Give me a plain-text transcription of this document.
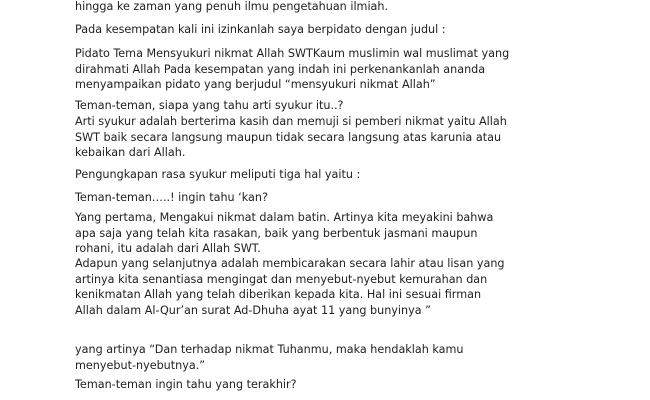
hingga ke zaman yang penuh ilmu pengetahuan ilmiah.

Pada kesempatan kali ini izinkanlah saya berpidato dengan judul :

Pidato Tema Mensyukuri nikmat Allah SWTKaum muslimin wal muslimat yang
dirahmati Allah Pada kesempatan yang indah ini perkenankanlah ananda
menyampaikan pidato yang berjudul “mensyukuri nikmat Allah”

Teman-teman, siapa yang tahu arti syukur itu..?

Arti syukur adalah berterima kasih dan memuji si pemberi nikmat yaitu Allah
SWT baik secara langsung maupun tidak secara langsung atas karunia atau
kebaikan dari Allah.

Pengungkapan rasa syukur meliputi tiga hal yaitu :

Teman-teman…..! ingin tahu ‘kan?

Yang pertama, Mengakui nikmat dalam batin. Artinya kita meyakini bahwa
apa saja yang telah kita rasakan, baik yang berbentuk jasmani maupun
rohani, itu adalah dari Allah SWT.

Adapun yang selanjutnya adalah membicarakan secara lahir atau lisan yang
artinya kita senantiasa mengingat dan menyebut-nyebut kemurahan dan
kenikmatan Allah yang telah diberikan kepada kita. Hal ini sesuai firman
Allah dalam Al-Qur’an surat Ad-Dhuha ayat 11 yang bunyinya ”

yang artinya “Dan terhadap nikmat Tuhanmu, maka hendaklah kamu
menyebut-nyebutnya.”

Teman-teman ingin tahu yang terakhir?
